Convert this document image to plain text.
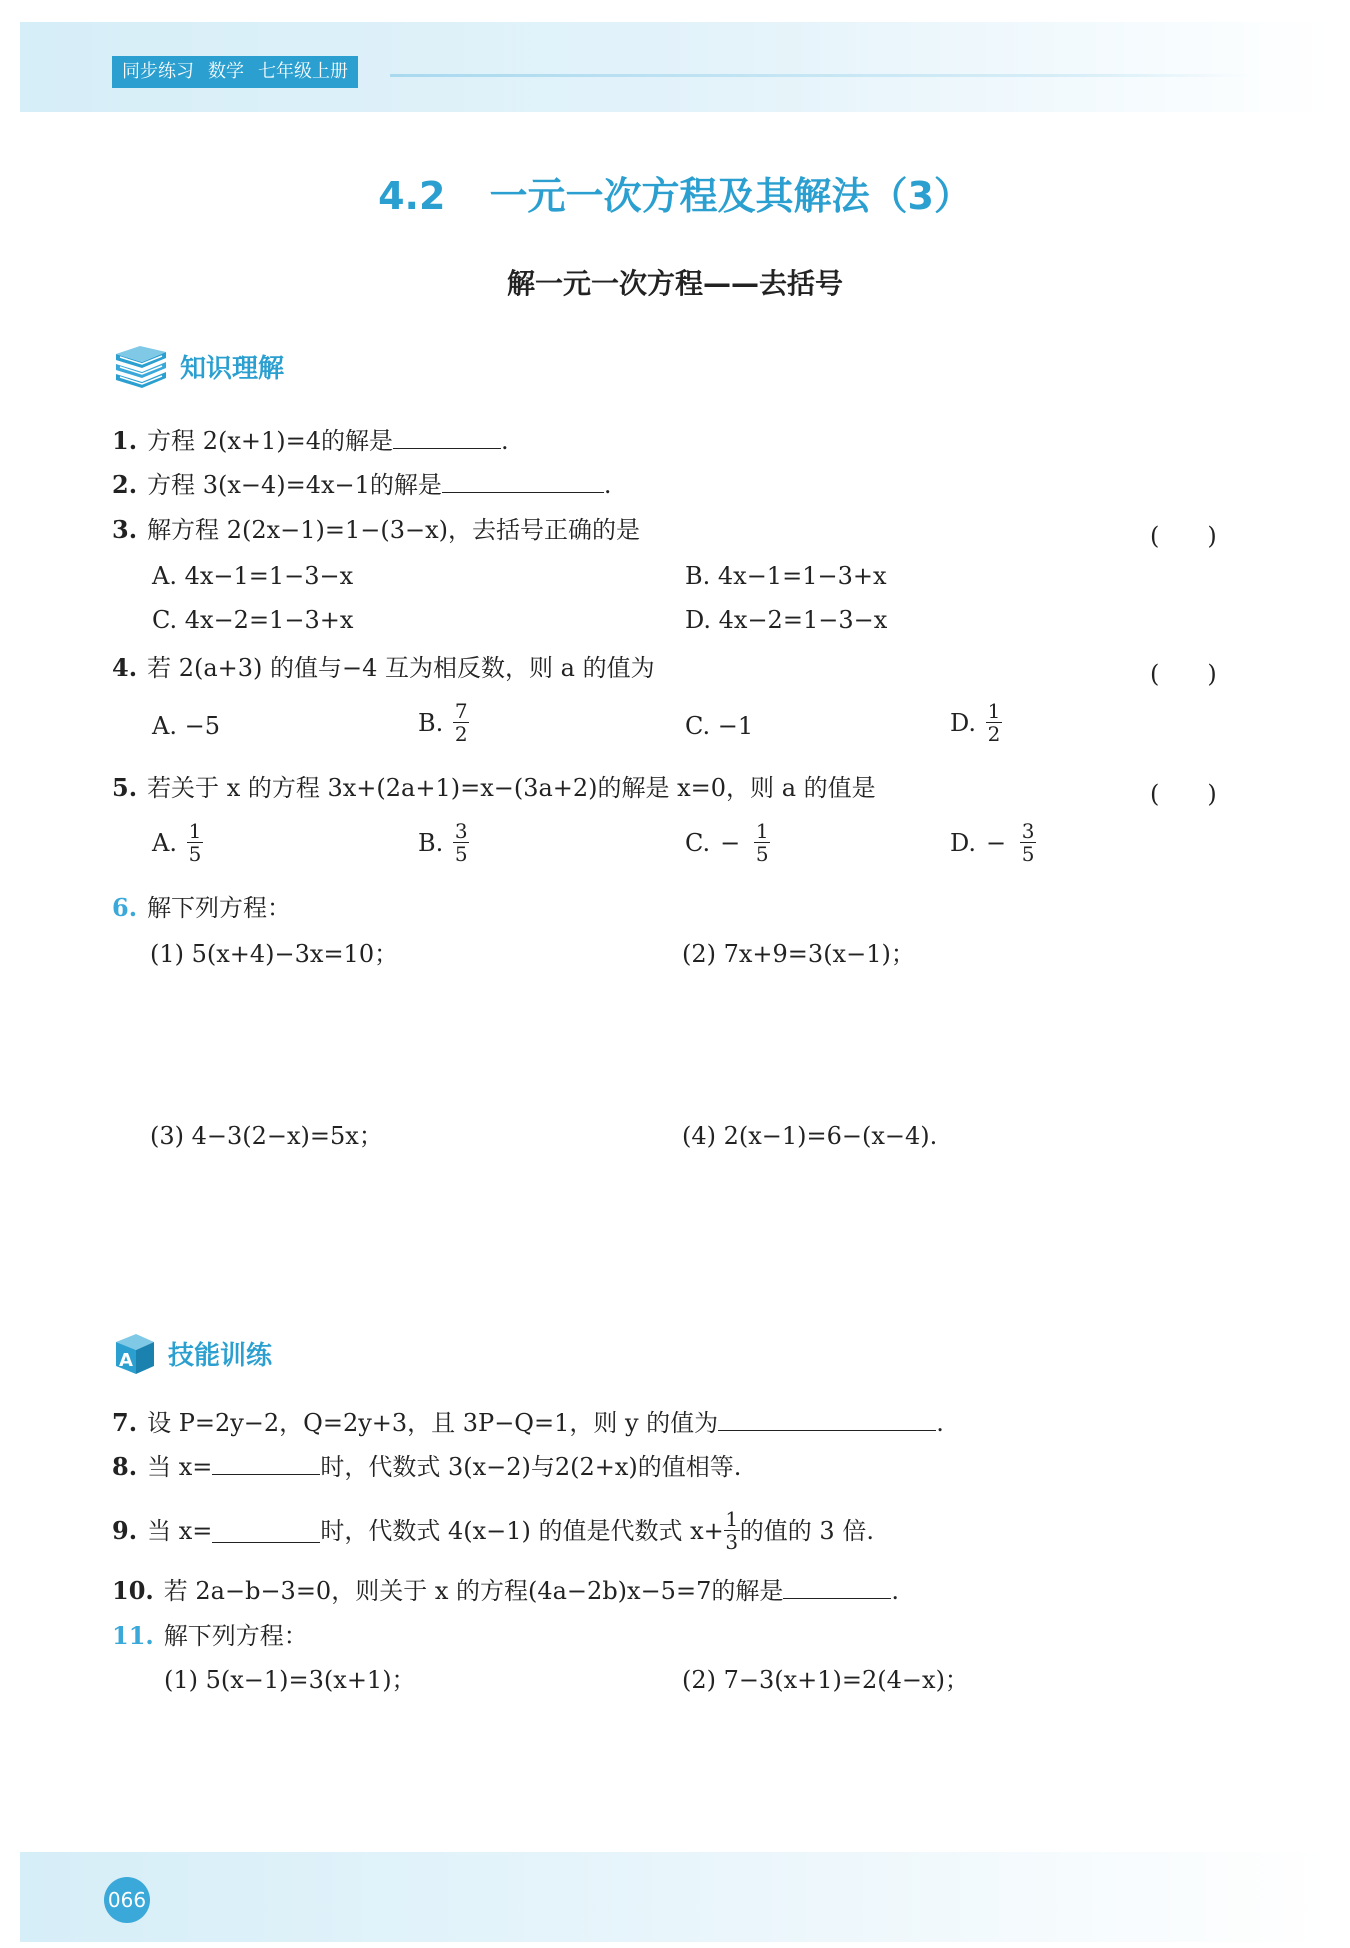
同步练习 数学 七年级上册
4.2 一元一次方程及其解法（3）
解一元一次方程——去括号
知识理解
1. 方程 2(x+1)=4的解是	.
2. 方程 3(x−4)=4x−1的解是	.
3. 解方程 2(2x−1)=1−(3−x)，去括号正确的是	(　　)
A. 4x−1=1−3−x	B. 4x−1=1−3+x
C. 4x−2=1−3+x	D. 4x−2=1−3−x
4. 若 2(a+3) 的值与−4 互为相反数，则 a 的值为	(　　)
A. −5	B. $\frac{7}{2}$	C. −1	D. $\frac{1}{2}$
5. 若关于 x 的方程 3x+(2a+1)=x−(3a+2)的解是 x=0，则 a 的值是	(　　)
A. $\frac{1}{5}$	B. $\frac{3}{5}$	C. − $\frac{1}{5}$	D. − $\frac{3}{5}$
6. 解下列方程：
(1) 5(x+4)−3x=10；	(2) 7x+9=3(x−1)；
(3) 4−3(2−x)=5x；	(4) 2(x−1)=6−(x−4).
A 技能训练
7. 设 P=2y−2，Q=2y+3，且 3P−Q=1，则 y 的值为	.
8. 当 x=	时，代数式 3(x−2)与2(2+x)的值相等.
9. 当 x=	时，代数式 4(x−1) 的值是代数式 $x+ \frac{1}{3}$ 的值的 3 倍.
10. 若 2a−b−3=0，则关于 x 的方程(4a−2b)x−5=7的解是	.
11. 解下列方程：
(1) 5(x−1)=3(x+1)；	(2) 7−3(x+1)=2(4−x)；
066
